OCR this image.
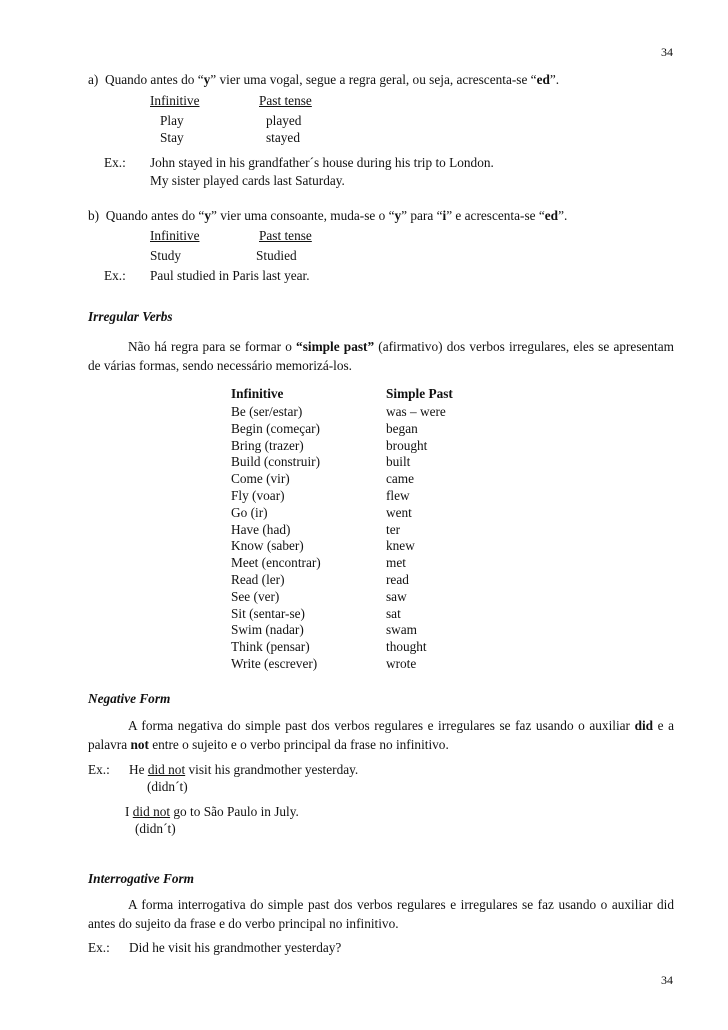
34
a) Quando antes do “y” vier uma vogal, segue a regra geral, ou seja, acrescenta-se “ed”.
Infinitive	Past tense
Play	played
Stay	stayed
Ex.: John stayed in his grandfather´s house during his trip to London.
My sister played cards last Saturday.
b) Quando antes do “y” vier uma consoante, muda-se o “y” para “i” e acrescenta-se “ed”.
Infinitive	Past tense
Study	Studied
Ex.: Paul studied in Paris last year.
Irregular Verbs
Não há regra para se formar o “simple past” (afirmativo) dos verbos irregulares, eles se apresentam de várias formas, sendo necessário memorizá-los.
Infinitive	Simple Past
Be (ser/estar)	was – were
Begin (começar)	began
Bring (trazer)	brought
Build (construir)	built
Come (vir)	came
Fly (voar)	flew
Go (ir)	went
Have (had)	ter
Know (saber)	knew
Meet (encontrar)	met
Read (ler)	read
See (ver)	saw
Sit (sentar-se)	sat
Swim (nadar)	swam
Think (pensar)	thought
Write (escrever)	wrote
Negative Form
A forma negativa do simple past dos verbos regulares e irregulares se faz usando o auxiliar did e a palavra not entre o sujeito e o verbo principal da frase no infinitivo.
Ex.: He did not visit his grandmother yesterday.
(didn´t)
I did not go to São Paulo in July.
(didn´t)
Interrogative Form
A forma interrogativa do simple past dos verbos regulares e irregulares se faz usando o auxiliar did antes do sujeito da frase e do verbo principal no infinitivo.
Ex.: Did he visit his grandmother yesterday?
34
